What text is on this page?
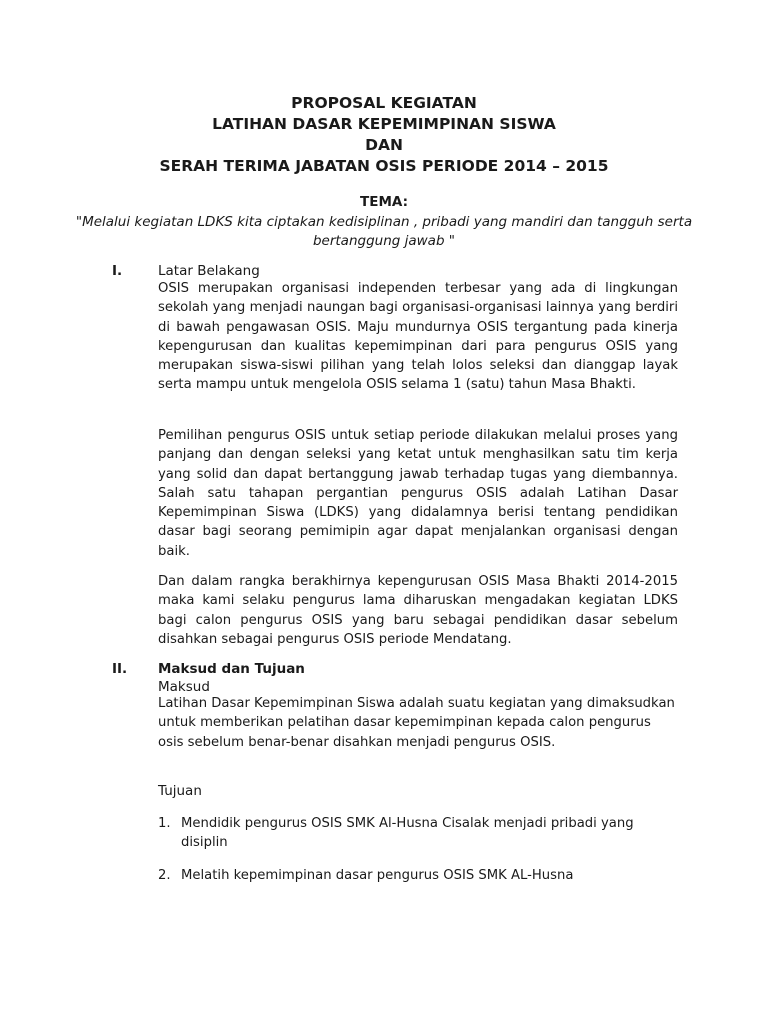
PROPOSAL KEGIATAN
LATIHAN DASAR KEPEMIMPINAN SISWA
DAN
SERAH TERIMA JABATAN OSIS PERIODE 2014 – 2015
TEMA:
"Melalui kegiatan LDKS kita ciptakan kedisiplinan , pribadi yang mandiri dan tangguh serta bertanggung jawab "
I.	Latar Belakang

OSIS merupakan organisasi independen terbesar yang ada di lingkungan sekolah yang menjadi naungan bagi organisasi-organisasi lainnya yang berdiri di bawah pengawasan OSIS. Maju mundurnya OSIS tergantung pada kinerja kepengurusan dan kualitas kepemimpinan dari para pengurus OSIS yang merupakan siswa-siswi pilihan yang telah lolos seleksi dan dianggap layak serta mampu untuk mengelola OSIS selama 1 (satu) tahun Masa Bhakti.

Pemilihan pengurus OSIS untuk setiap periode dilakukan melalui proses yang panjang dan dengan seleksi yang ketat untuk menghasilkan satu tim kerja yang solid dan dapat bertanggung jawab terhadap tugas yang diembannya. Salah satu tahapan pergantian pengurus OSIS adalah Latihan Dasar Kepemimpinan Siswa (LDKS) yang didalamnya berisi tentang pendidikan dasar bagi seorang pemimipin agar dapat menjalankan organisasi dengan baik.

Dan dalam rangka berakhirnya kepengurusan OSIS Masa Bhakti 2014-2015 maka kami selaku pengurus lama diharuskan mengadakan kegiatan LDKS bagi calon pengurus OSIS yang baru sebagai pendidikan dasar sebelum disahkan sebagai pengurus OSIS periode Mendatang.

II. Maksud dan Tujuan
Maksud

Latihan Dasar Kepemimpinan Siswa adalah suatu kegiatan yang dimaksudkan untuk memberikan pelatihan dasar kepemimpinan kepada calon pengurus osis sebelum benar-benar disahkan menjadi pengurus OSIS.

Tujuan
1. Mendidik pengurus OSIS SMK Al-Husna Cisalak menjadi pribadi yang disiplin

2. Melatih kepemimpinan dasar pengurus OSIS SMK AL-Husna
